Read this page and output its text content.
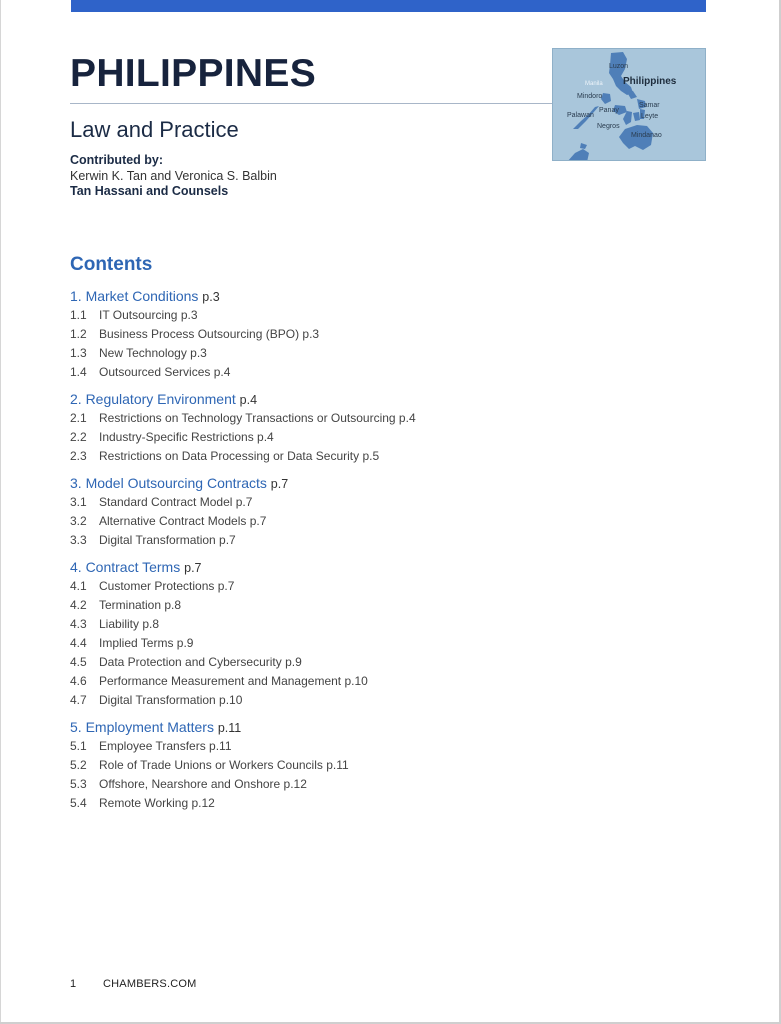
PHILIPPINES
Law and Practice
Contributed by:
Kerwin K. Tan and Veronica S. Balbin
Tan Hassani and Counsels
Luzon
Manila Philippines
Mindoro
Samar
Palawan
Panay
Leyte
Negros
Mindanao
Contents
1. Market Conditions p.3
1.1 IT Outsourcing p.3
1.2 Business Process Outsourcing (BPO) p.3
1.3 New Technology p.3
1.4 Outsourced Services p.4
2. Regulatory Environment p.4
2.1 Restrictions on Technology Transactions or Outsourcing p.4
2.2 Industry-Specific Restrictions p.4
2.3 Restrictions on Data Processing or Data Security p.5
3. Model Outsourcing Contracts p.7
3.1 Standard Contract Model p.7
3.2 Alternative Contract Models p.7
3.3 Digital Transformation p.7
4. Contract Terms p.7
4.1 Customer Protections p.7
4.2 Termination p.8
4.3 Liability p.8
4.4 Implied Terms p.9
4.5 Data Protection and Cybersecurity p.9
4.6 Performance Measurement and Management p.10
4.7 Digital Transformation p.10
5. Employment Matters p.11
5.1 Employee Transfers p.11
5.2 Role of Trade Unions or Workers Councils p.11
5.3 Offshore, Nearshore and Onshore p.12
5.4 Remote Working p.12
1 CHAMBERS.COM
